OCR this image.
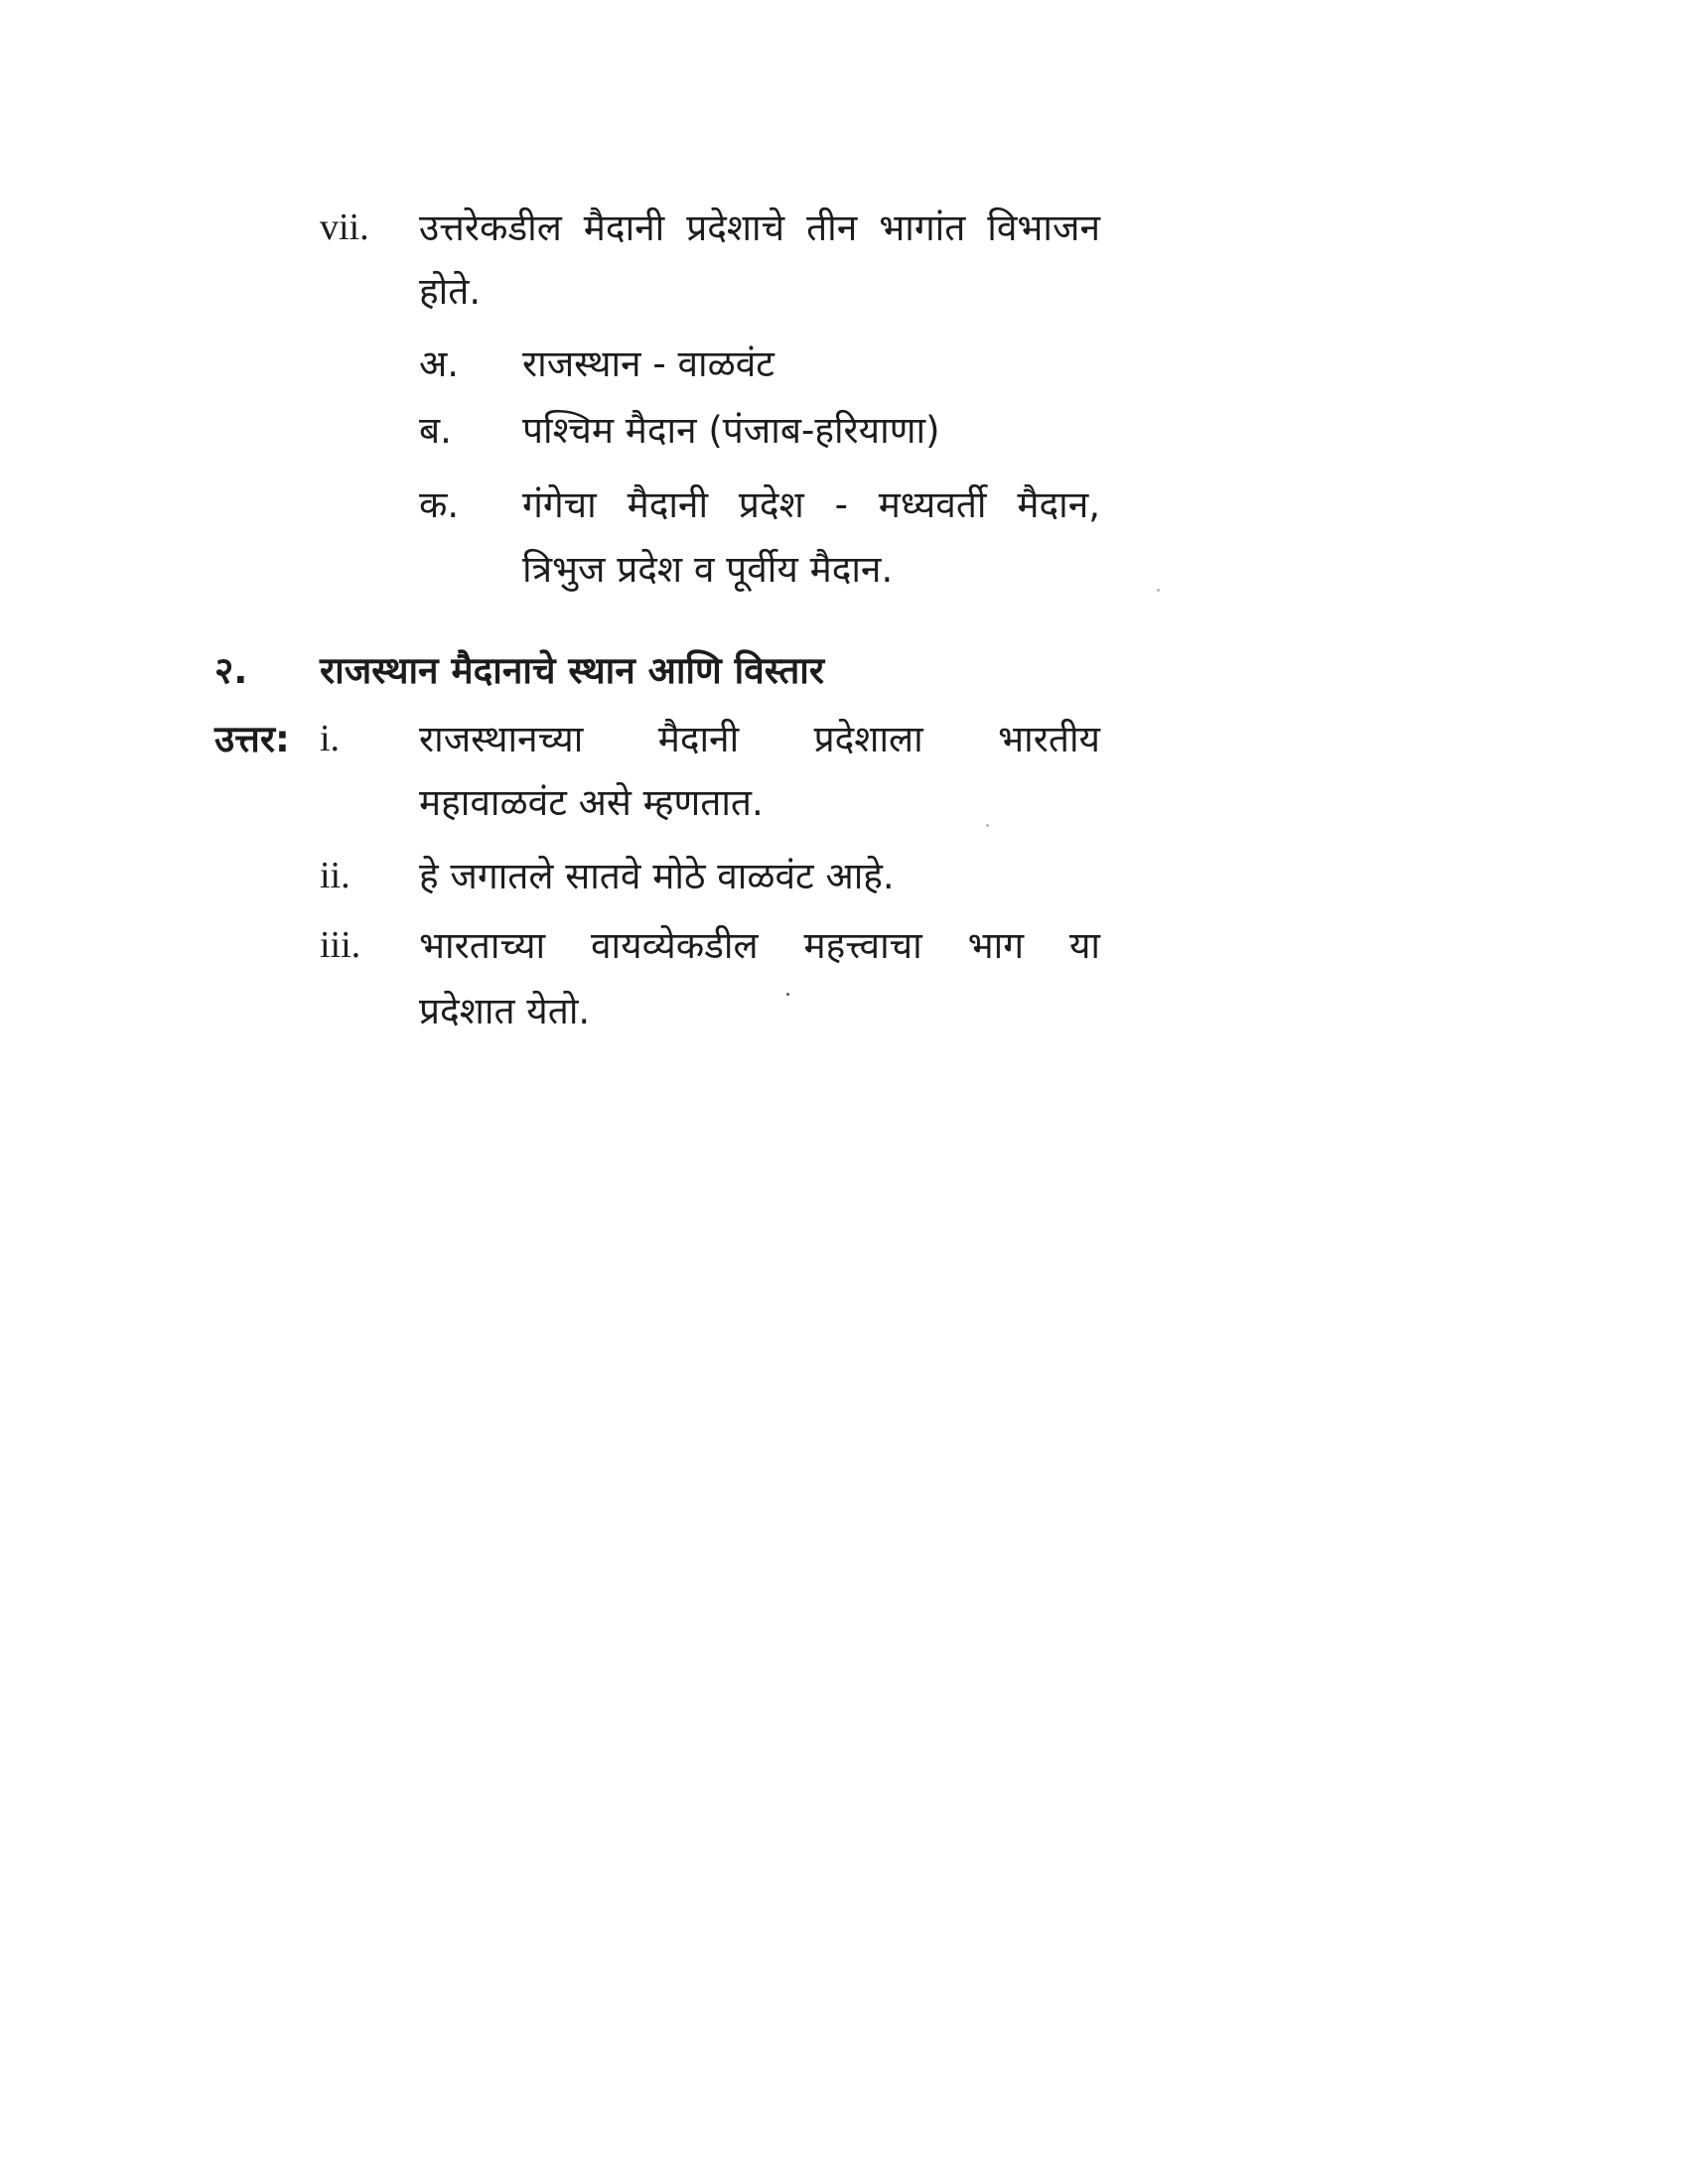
vii. उत्तरेकडील मैदानी प्रदेशाचे तीन भागांत विभाजन
होते.
अ. राजस्थान - वाळवंट
ब. पश्चिम मैदान (पंजाब-हरियाणा)
क. गंगेचा मैदानी प्रदेश - मध्यवर्ती मैदान,
त्रिभुज प्रदेश व पूर्वीय मैदान.
२. राजस्थान मैदानाचे स्थान आणि विस्तार
उत्तर: i. राजस्थानच्या मैदानी प्रदेशाला भारतीय
महावाळवंट असे म्हणतात.
ii. हे जगातले सातवे मोठे वाळवंट आहे.
iii. भारताच्या वायव्येकडील महत्त्वाचा भाग या
प्रदेशात येतो.
